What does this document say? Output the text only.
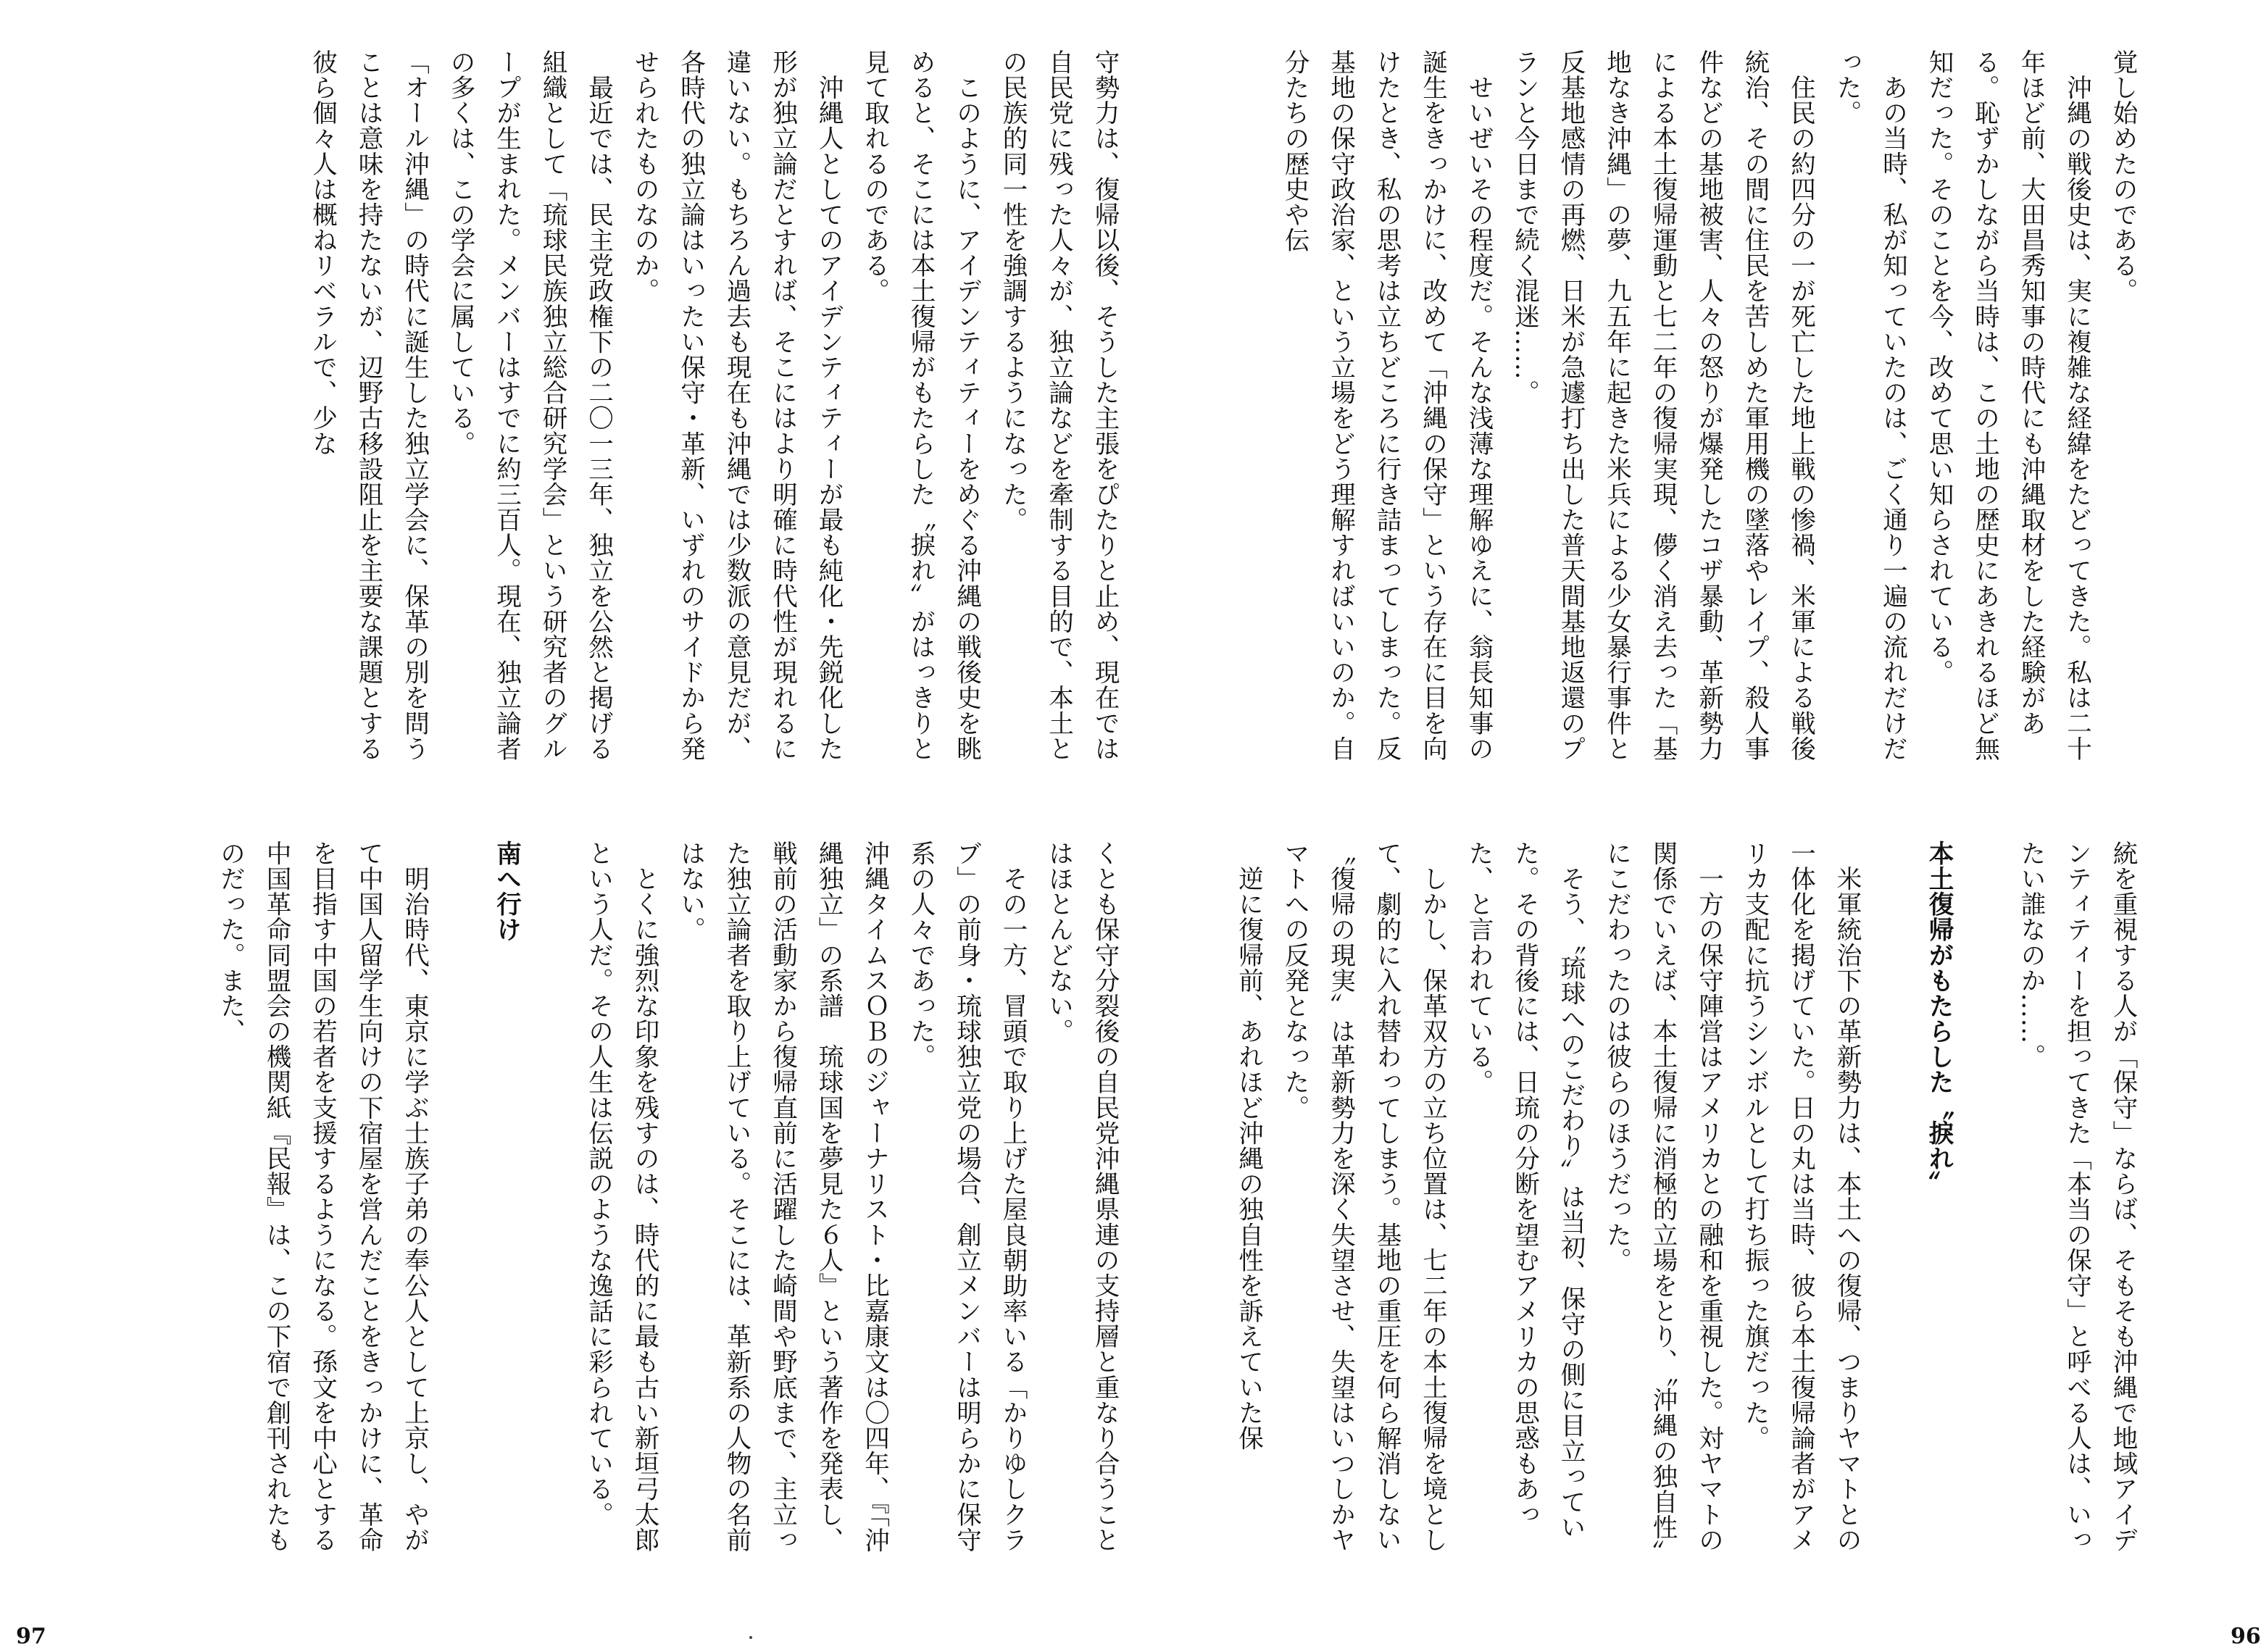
守勢力は、復帰以後、そうした主張をぴたりと止め、現在では自民党に残った人々が、独立論などを牽制する目的で、本土との民族的同一性を強調するようになった。

　このように、アイデンティティーをめぐる沖縄の戦後史を眺めると、そこには本土復帰がもたらした〝捩れ〟がはっきりと見て取れるのである。

　沖縄人としてのアイデンティティーが最も純化・先鋭化した形が独立論だとすれば、そこにはより明確に時代性が現れるに違いない。もちろん過去も現在も沖縄では少数派の意見だが、各時代の独立論はいったい保守・革新、いずれのサイドから発せられたものなのか。

　最近では、民主党政権下の二〇一三年、独立を公然と掲げる組織として「琉球民族独立総合研究学会」という研究者のグループが生まれた。メンバーはすでに約三百人。現在、独立論者の多くは、この学会に属している。

「オール沖縄」の時代に誕生した独立学会に、保革の別を問うことは意味を持たないが、辺野古移設阻止を主要な課題とする彼ら個々人は概ねリベラルで、少な

くとも保守分裂後の自民党沖縄県連の支持層と重なり合うことはほとんどない。

　その一方、冒頭で取り上げた屋良朝助率いる「かりゆしクラブ」の前身・琉球独立党の場合、創立メンバーは明らかに保守系の人々であった。

沖縄タイムスＯＢのジャーナリスト・比嘉康文は〇四年、『「沖縄独立」の系譜　琉球国を夢見た６人』という著作を発表し、戦前の活動家から復帰直前に活躍した崎間や野底まで、主立った独立論者を取り上げている。そこには、革新系の人物の名前はない。

　とくに強烈な印象を残すのは、時代的に最も古い新垣弓太郎という人だ。その人生は伝説のような逸話に彩られている。

南へ行け

　明治時代、東京に学ぶ士族子弟の奉公人として上京し、やがて中国人留学生向けの下宿屋を営んだことをきっかけに、革命を目指す中国の若者を支援するようになる。孫文を中心とする中国革命同盟会の機関紙『民報』は、この下宿で創刊されたものだった。また、

97

覚し始めたのである。

　沖縄の戦後史は、実に複雑な経緯をたどってきた。私は二十年ほど前、大田昌秀知事の時代にも沖縄取材をした経験がある。恥ずかしながら当時は、この土地の歴史にあきれるほど無知だった。そのことを今、改めて思い知らされている。

　あの当時、私が知っていたのは、ごく通り一遍の流れだけだった。

　住民の約四分の一が死亡した地上戦の惨禍、米軍による戦後統治、その間に住民を苦しめた軍用機の墜落やレイプ、殺人事件などの基地被害、人々の怒りが爆発したコザ暴動、革新勢力による本土復帰運動と七二年の復帰実現、儚く消え去った「基地なき沖縄」の夢、九五年に起きた米兵による少女暴行事件と反基地感情の再燃、日米が急遽打ち出した普天間基地返還のプランと今日まで続く混迷……。

　せいぜいその程度だ。そんな浅薄な理解ゆえに、翁長知事の誕生をきっかけに、改めて「沖縄の保守」という存在に目を向けたとき、私の思考は立ちどころに行き詰まってしまった。反基地の保守政治家、という立場をどう理解すればいいのか。自分たちの歴史や伝

統を重視する人が「保守」ならば、そもそも沖縄で地域アイデンティティーを担ってきた「本当の保守」と呼べる人は、いったい誰なのか……。

本土復帰がもたらした〝捩れ〟

　米軍統治下の革新勢力は、本土への復帰、つまりヤマトとの一体化を掲げていた。日の丸は当時、彼ら本土復帰論者がアメリカ支配に抗うシンボルとして打ち振った旗だった。

　一方の保守陣営はアメリカとの融和を重視した。対ヤマトの関係でいえば、本土復帰に消極的立場をとり、〝沖縄の独自性〟にこだわったのは彼らのほうだった。

　そう、〝琉球へのこだわり〟は当初、保守の側に目立っていた。その背後には、日琉の分断を望むアメリカの思惑もあった、と言われている。

　しかし、保革双方の立ち位置は、七二年の本土復帰を境として、劇的に入れ替わってしまう。基地の重圧を何ら解消しない〝復帰の現実〟は革新勢力を深く失望させ、失望はいつしかヤマトへの反発となった。

　逆に復帰前、あれほど沖縄の独自性を訴えていた保

96
